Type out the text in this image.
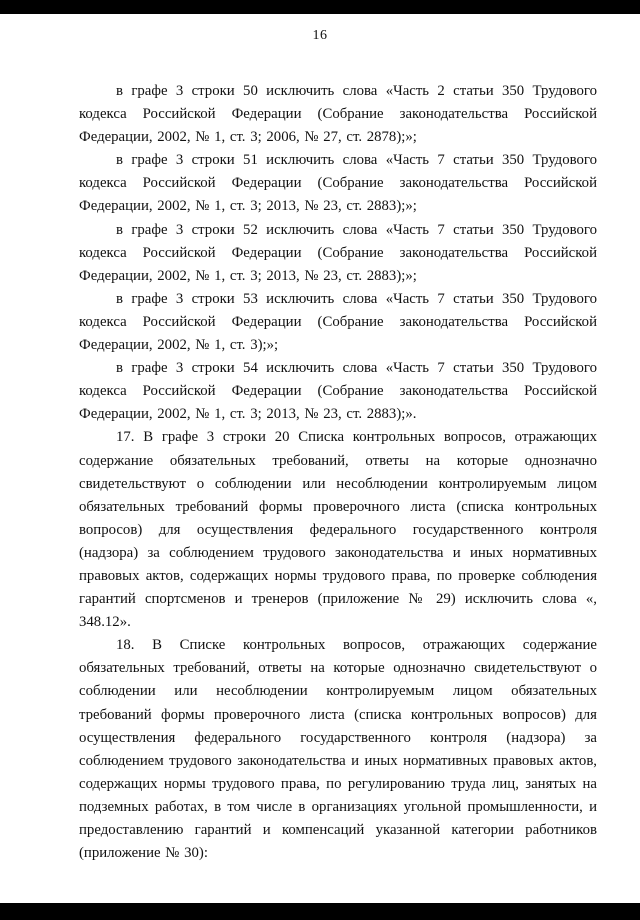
16

в графе 3 строки 50 исключить слова «Часть 2 статьи 350 Трудового кодекса Российской Федерации (Собрание законодательства Российской Федерации, 2002, № 1, ст. 3; 2006, № 27, ст. 2878);»;

в графе 3 строки 51 исключить слова «Часть 7 статьи 350 Трудового кодекса Российской Федерации (Собрание законодательства Российской Федерации, 2002, № 1, ст. 3; 2013, № 23, ст. 2883);»;

в графе 3 строки 52 исключить слова «Часть 7 статьи 350 Трудового кодекса Российской Федерации (Собрание законодательства Российской Федерации, 2002, № 1, ст. 3; 2013, № 23, ст. 2883);»;

в графе 3 строки 53 исключить слова «Часть 7 статьи 350 Трудового кодекса Российской Федерации (Собрание законодательства Российской Федерации, 2002, № 1, ст. 3);»;

в графе 3 строки 54 исключить слова «Часть 7 статьи 350 Трудового кодекса Российской Федерации (Собрание законодательства Российской Федерации, 2002, № 1, ст. 3; 2013, № 23, ст. 2883);».

17. В графе 3 строки 20 Списка контрольных вопросов, отражающих содержание обязательных требований, ответы на которые однозначно свидетельствуют о соблюдении или несоблюдении контролируемым лицом обязательных требований формы проверочного листа (списка контрольных вопросов) для осуществления федерального государственного контроля (надзора) за соблюдением трудового законодательства и иных нормативных правовых актов, содержащих нормы трудового права, по проверке соблюдения гарантий спортсменов и тренеров (приложение № 29) исключить слова «, 348.12».

18. В Списке контрольных вопросов, отражающих содержание обязательных требований, ответы на которые однозначно свидетельствуют о соблюдении или несоблюдении контролируемым лицом обязательных требований формы проверочного листа (списка контрольных вопросов) для осуществления федерального государственного контроля (надзора) за соблюдением трудового законодательства и иных нормативных правовых актов, содержащих нормы трудового права, по регулированию труда лиц, занятых на подземных работах, в том числе в организациях угольной промышленности, и предоставлению гарантий и компенсаций указанной категории работников (приложение № 30):
